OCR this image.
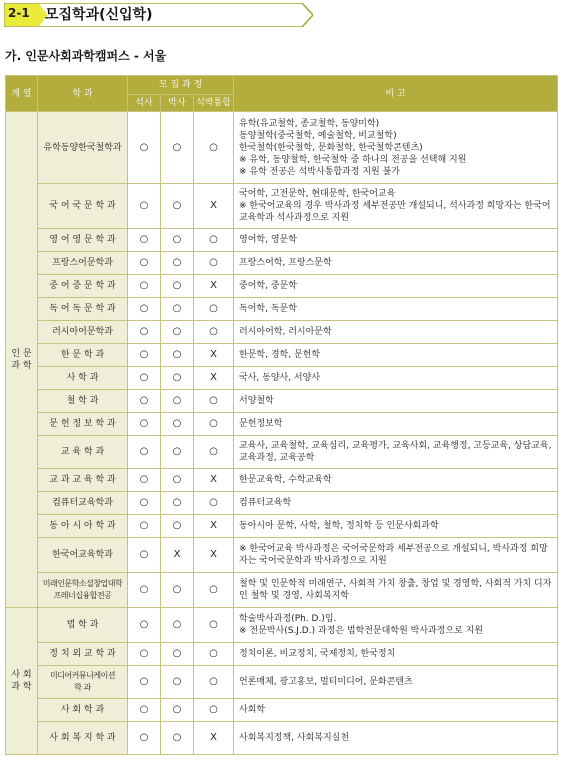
2-1 모집학과(신입학)
가. 인문사회과학캠퍼스 - 서울
계 열	학 과	모 집 과 정			비 고
		석사	박사	석박통합	
인 문
과 학	유학동양한국철학과	○	○	○	유학(유교철학, 종교철학, 동양미학)
동양철학(중국철학, 예술철학, 비교철학)
한국철학(한국철학, 문화철학, 한국철학콘텐츠)
※ 유학, 동양철학, 한국철학 중 하나의 전공을 선택해 지원
※ 유학 전공은 석박사통합과정 지원 불가
	국 어 국 문 학 과	○	○	X	국어학, 고전문학, 현대문학, 한국어교육
※ 한국어교육의 경우 박사과정 세부전공만 개설되니, 석사과정 희망자는 한국어교육학과 석사과정으로 지원
	영 어 영 문 학 과	○	○	○	영어학, 영문학
	프랑스어문학과	○	○	○	프랑스어학, 프랑스문학
	중 어 중 문 학 과	○	○	X	중어학, 중문학
	독 어 독 문 학 과	○	○	○	독어학, 독문학
	러시아어문학과	○	○	○	러시아어학, 러시아문학
	한 문 학 과	○	○	X	한문학, 경학, 문헌학
	사 학 과	○	○	X	국사, 동양사, 서양사
	철 학 과	○	○	○	서양철학
	문 헌 정 보 학 과	○	○	○	문헌정보학
	교 육 학 과	○	○	○	교육사, 교육철학, 교육심리, 교육평가, 교육사회, 교육행정, 고등교육, 상담교육, 교육과정, 교육공학
	교 과 교 육 학 과	○	○	X	한문교육학, 수학교육학
	컴퓨터교육학과	○	○	○	컴퓨터교육학
	동 아 시 아 학 과	○	○	X	동아시아 문학, 사학, 철학, 정치학 등 인문사회과학
	한국어교육학과	○	X	X	※ 한국어교육 박사과정은 국어국문학과 세부전공으로 개설되니, 박사과정 희망자는 국어국문학과 박사과정으로 지원
	미래인문학소셜창업대학
프레너십융합전공	○	○	○	철학 및 인문학적 미래연구, 사회적 가치 창출, 창업 및 경영학, 사회적 가치 디자인 철학 및 경영, 사회복지학
사 회
과 학	법 학 과	○	○	○	학술박사과정(Ph. D.)임.
※ 전문박사(S.J.D.) 과정은 법학전문대학원 박사과정으로 지원
	정 치 외 교 학 과	○	○	○	정치이론, 비교정치, 국제정치, 한국정치
	미디어커뮤니케이션
학 과	○	○	○	언론매체, 광고홍보, 멀티미디어, 문화콘텐츠
	사 회 학 과	○	○	○	사회학
	사 회 복 지 학 과	○	○	X	사회복지정책, 사회복지실천
